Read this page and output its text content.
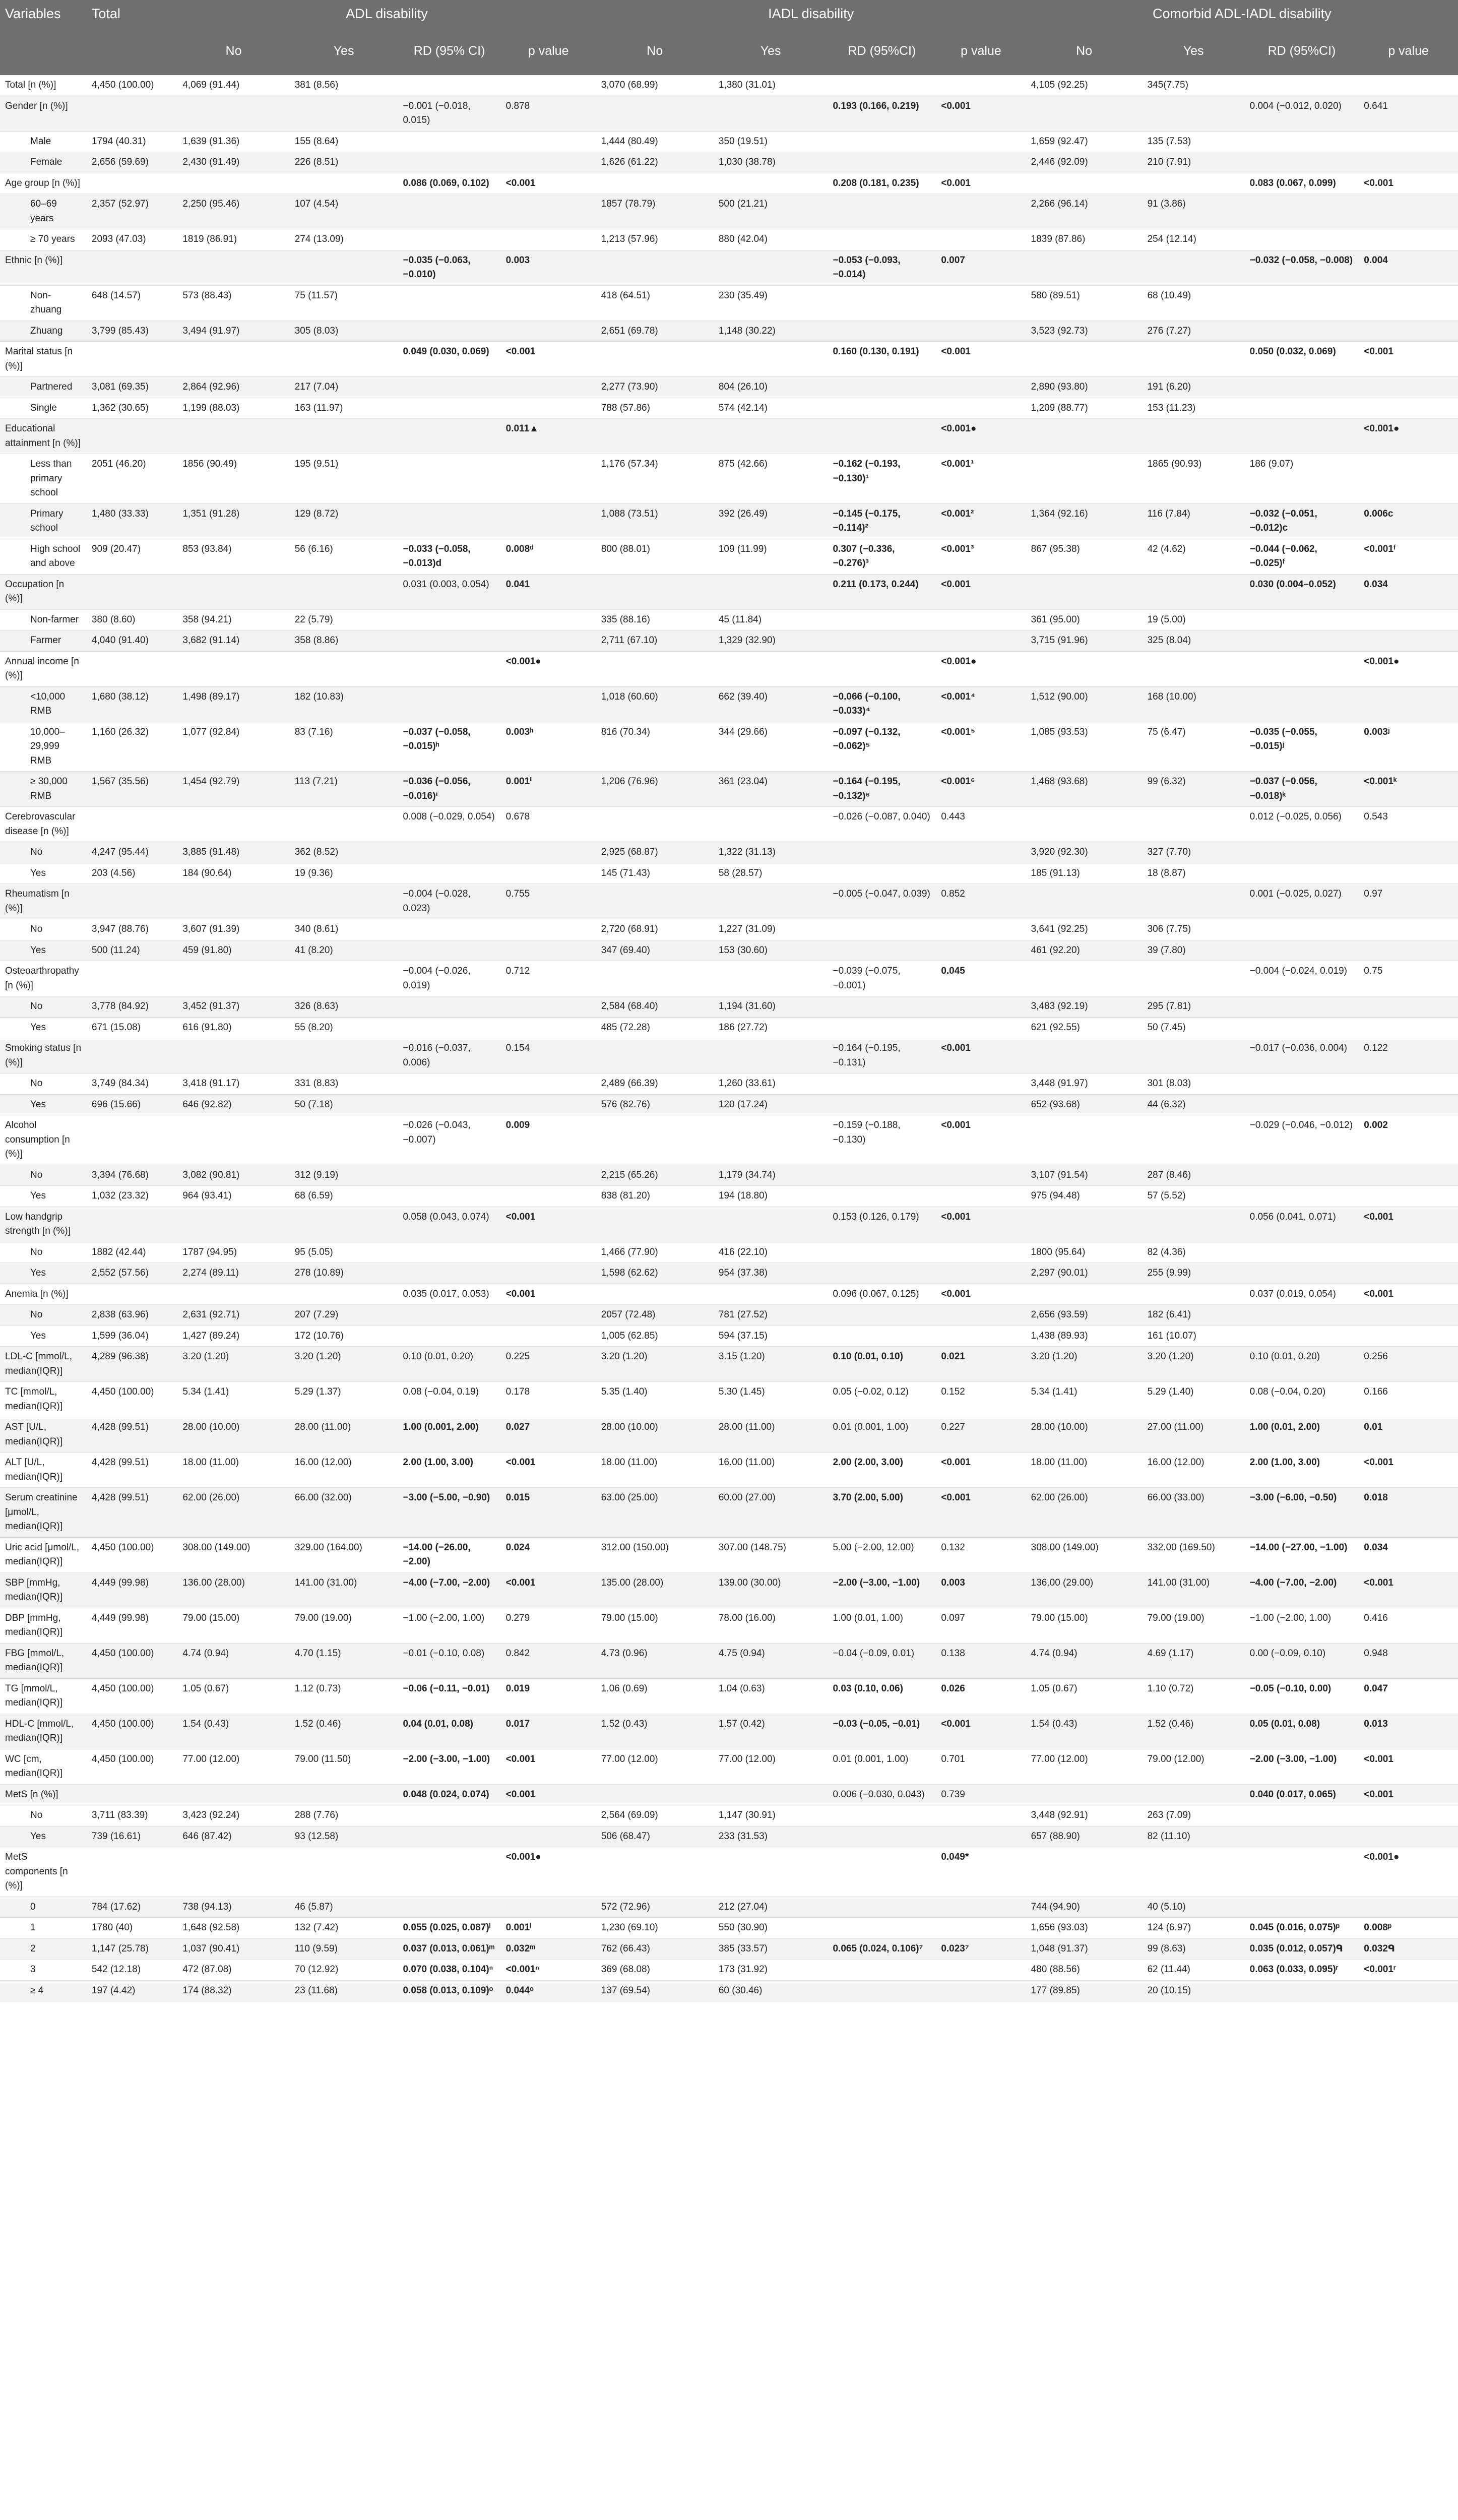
Variables	Total	ADL disability				IADL disability				Comorbid ADL-IADL disability			
		No	Yes	RD (95% CI)	p value	No	Yes	RD (95%CI)	p value	No	Yes	RD (95%CI)	p value
Total [n (%)]	4,450 (100.00)	4,069 (91.44)	381 (8.56)			3,070 (68.99)	1,380 (31.01)			4,105 (92.25)	345(7.75)		
Gender [n (%)]				−0.001 (−0.018, 0.015)	0.878			0.193 (0.166, 0.219)	<0.001			0.004 (−0.012, 0.020)	0.641
Male	1794 (40.31)	1,639 (91.36)	155 (8.64)			1,444 (80.49)	350 (19.51)			1,659 (92.47)	135 (7.53)		
Female	2,656 (59.69)	2,430 (91.49)	226 (8.51)			1,626 (61.22)	1,030 (38.78)			2,446 (92.09)	210 (7.91)		
Age group [n (%)]				0.086 (0.069, 0.102)	<0.001			0.208 (0.181, 0.235)	<0.001			0.083 (0.067, 0.099)	<0.001
60–69 years	2,357 (52.97)	2,250 (95.46)	107 (4.54)			1857 (78.79)	500 (21.21)			2,266 (96.14)	91 (3.86)		
≥ 70 years	2093 (47.03)	1819 (86.91)	274 (13.09)			1,213 (57.96)	880 (42.04)			1839 (87.86)	254 (12.14)		
Ethnic [n (%)]				−0.035 (−0.063, −0.010)	0.003			−0.053 (−0.093, −0.014)	0.007			−0.032 (−0.058, −0.008)	0.004
Non-zhuang	648 (14.57)	573 (88.43)	75 (11.57)			418 (64.51)	230 (35.49)			580 (89.51)	68 (10.49)		
Zhuang	3,799 (85.43)	3,494 (91.97)	305 (8.03)			2,651 (69.78)	1,148 (30.22)			3,523 (92.73)	276 (7.27)		
Marital status [n (%)]				0.049 (0.030, 0.069)	<0.001			0.160 (0.130, 0.191)	<0.001			0.050 (0.032, 0.069)	<0.001
Partnered	3,081 (69.35)	2,864 (92.96)	217 (7.04)			2,277 (73.90)	804 (26.10)			2,890 (93.80)	191 (6.20)		
Single	1,362 (30.65)	1,199 (88.03)	163 (11.97)			788 (57.86)	574 (42.14)			1,209 (88.77)	153 (11.23)		
Educational attainment [n (%)]					0.011▲				<0.001●				<0.001●
Less than primary school	2051 (46.20)	1856 (90.49)	195 (9.51)			1,176 (57.34)	875 (42.66)	−0.162 (−0.193, −0.130)¹	<0.001¹		1865 (90.93)	186 (9.07)	
Primary school	1,480 (33.33)	1,351 (91.28)	129 (8.72)			1,088 (73.51)	392 (26.49)	−0.145 (−0.175, −0.114)²	<0.001²	1,364 (92.16)	116 (7.84)	−0.032 (−0.051, −0.012)c	0.006c
High school and above	909 (20.47)	853 (93.84)	56 (6.16)	−0.033 (−0.058, −0.013)d	0.008ᵈ	800 (88.01)	109 (11.99)	0.307 (−0.336, −0.276)³	<0.001³	867 (95.38)	42 (4.62)	−0.044 (−0.062, −0.025)ᶠ	<0.001ᶠ
Occupation [n (%)]				0.031 (0.003, 0.054)	0.041			0.211 (0.173, 0.244)	<0.001			0.030 (0.004–0.052)	0.034
Non-farmer	380 (8.60)	358 (94.21)	22 (5.79)			335 (88.16)	45 (11.84)			361 (95.00)	19 (5.00)		
Farmer	4,040 (91.40)	3,682 (91.14)	358 (8.86)			2,711 (67.10)	1,329 (32.90)			3,715 (91.96)	325 (8.04)		
Annual income [n (%)]					<0.001●				<0.001●				<0.001●
<10,000 RMB	1,680 (38.12)	1,498 (89.17)	182 (10.83)			1,018 (60.60)	662 (39.40)	−0.066 (−0.100, −0.033)⁴	<0.001⁴	1,512 (90.00)	168 (10.00)		
10,000–29,999 RMB	1,160 (26.32)	1,077 (92.84)	83 (7.16)	−0.037 (−0.058, −0.015)ʰ	0.003ʰ	816 (70.34)	344 (29.66)	−0.097 (−0.132, −0.062)⁵	<0.001⁵	1,085 (93.53)	75 (6.47)	−0.035 (−0.055, −0.015)ʲ	0.003ʲ
≥ 30,000 RMB	1,567 (35.56)	1,454 (92.79)	113 (7.21)	−0.036 (−0.056, −0.016)ⁱ	0.001ⁱ	1,206 (76.96)	361 (23.04)	−0.164 (−0.195, −0.132)⁶	<0.001⁶	1,468 (93.68)	99 (6.32)	−0.037 (−0.056, −0.018)ᵏ	<0.001ᵏ
Cerebrovascular disease [n (%)]				0.008 (−0.029, 0.054)	0.678			−0.026 (−0.087, 0.040)	0.443			0.012 (−0.025, 0.056)	0.543
No	4,247 (95.44)	3,885 (91.48)	362 (8.52)			2,925 (68.87)	1,322 (31.13)			3,920 (92.30)	327 (7.70)		
Yes	203 (4.56)	184 (90.64)	19 (9.36)			145 (71.43)	58 (28.57)			185 (91.13)	18 (8.87)		
Rheumatism [n (%)]				−0.004 (−0.028, 0.023)	0.755			−0.005 (−0.047, 0.039)	0.852			0.001 (−0.025, 0.027)	0.97
No	3,947 (88.76)	3,607 (91.39)	340 (8.61)			2,720 (68.91)	1,227 (31.09)			3,641 (92.25)	306 (7.75)		
Yes	500 (11.24)	459 (91.80)	41 (8.20)			347 (69.40)	153 (30.60)			461 (92.20)	39 (7.80)		
Osteoarthropathy [n (%)]				−0.004 (−0.026, 0.019)	0.712			−0.039 (−0.075, −0.001)	0.045			−0.004 (−0.024, 0.019)	0.75
No	3,778 (84.92)	3,452 (91.37)	326 (8.63)			2,584 (68.40)	1,194 (31.60)			3,483 (92.19)	295 (7.81)		
Yes	671 (15.08)	616 (91.80)	55 (8.20)			485 (72.28)	186 (27.72)			621 (92.55)	50 (7.45)		
Smoking status [n (%)]				−0.016 (−0.037, 0.006)	0.154			−0.164 (−0.195, −0.131)	<0.001			−0.017 (−0.036, 0.004)	0.122
No	3,749 (84.34)	3,418 (91.17)	331 (8.83)			2,489 (66.39)	1,260 (33.61)			3,448 (91.97)	301 (8.03)		
Yes	696 (15.66)	646 (92.82)	50 (7.18)			576 (82.76)	120 (17.24)			652 (93.68)	44 (6.32)		
Alcohol consumption [n (%)]				−0.026 (−0.043, −0.007)	0.009			−0.159 (−0.188, −0.130)	<0.001			−0.029 (−0.046, −0.012)	0.002
No	3,394 (76.68)	3,082 (90.81)	312 (9.19)			2,215 (65.26)	1,179 (34.74)			3,107 (91.54)	287 (8.46)		
Yes	1,032 (23.32)	964 (93.41)	68 (6.59)			838 (81.20)	194 (18.80)			975 (94.48)	57 (5.52)		
Low handgrip strength [n (%)]				0.058 (0.043, 0.074)	<0.001			0.153 (0.126, 0.179)	<0.001			0.056 (0.041, 0.071)	<0.001
No	1882 (42.44)	1787 (94.95)	95 (5.05)			1,466 (77.90)	416 (22.10)			1800 (95.64)	82 (4.36)		
Yes	2,552 (57.56)	2,274 (89.11)	278 (10.89)			1,598 (62.62)	954 (37.38)			2,297 (90.01)	255 (9.99)		
Anemia [n (%)]				0.035 (0.017, 0.053)	<0.001			0.096 (0.067, 0.125)	<0.001			0.037 (0.019, 0.054)	<0.001
No	2,838 (63.96)	2,631 (92.71)	207 (7.29)			2057 (72.48)	781 (27.52)			2,656 (93.59)	182 (6.41)		
Yes	1,599 (36.04)	1,427 (89.24)	172 (10.76)			1,005 (62.85)	594 (37.15)			1,438 (89.93)	161 (10.07)		
LDL-C [mmol/L, median(IQR)]	4,289 (96.38)	3.20 (1.20)	3.20 (1.20)	0.10 (0.01, 0.20)	0.225	3.20 (1.20)	3.15 (1.20)	0.10 (0.01, 0.10)	0.021	3.20 (1.20)	3.20 (1.20)	0.10 (0.01, 0.20)	0.256
TC [mmol/L, median(IQR)]	4,450 (100.00)	5.34 (1.41)	5.29 (1.37)	0.08 (−0.04, 0.19)	0.178	5.35 (1.40)	5.30 (1.45)	0.05 (−0.02, 0.12)	0.152	5.34 (1.41)	5.29 (1.40)	0.08 (−0.04, 0.20)	0.166
AST [U/L, median(IQR)]	4,428 (99.51)	28.00 (10.00)	28.00 (11.00)	1.00 (0.001, 2.00)	0.027	28.00 (10.00)	28.00 (11.00)	0.01 (0.001, 1.00)	0.227	28.00 (10.00)	27.00 (11.00)	1.00 (0.01, 2.00)	0.01
ALT [U/L, median(IQR)]	4,428 (99.51)	18.00 (11.00)	16.00 (12.00)	2.00 (1.00, 3.00)	<0.001	18.00 (11.00)	16.00 (11.00)	2.00 (2.00, 3.00)	<0.001	18.00 (11.00)	16.00 (12.00)	2.00 (1.00, 3.00)	<0.001
Serum creatinine [μmol/L, median(IQR)]	4,428 (99.51)	62.00 (26.00)	66.00 (32.00)	−3.00 (−5.00, −0.90)	0.015	63.00 (25.00)	60.00 (27.00)	3.70 (2.00, 5.00)	<0.001	62.00 (26.00)	66.00 (33.00)	−3.00 (−6.00, −0.50)	0.018
Uric acid [μmol/L, median(IQR)]	4,450 (100.00)	308.00 (149.00)	329.00 (164.00)	−14.00 (−26.00, −2.00)	0.024	312.00 (150.00)	307.00 (148.75)	5.00 (−2.00, 12.00)	0.132	308.00 (149.00)	332.00 (169.50)	−14.00 (−27.00, −1.00)	0.034
SBP [mmHg, median(IQR)]	4,449 (99.98)	136.00 (28.00)	141.00 (31.00)	−4.00 (−7.00, −2.00)	<0.001	135.00 (28.00)	139.00 (30.00)	−2.00 (−3.00, −1.00)	0.003	136.00 (29.00)	141.00 (31.00)	−4.00 (−7.00, −2.00)	<0.001
DBP [mmHg, median(IQR)]	4,449 (99.98)	79.00 (15.00)	79.00 (19.00)	−1.00 (−2.00, 1.00)	0.279	79.00 (15.00)	78.00 (16.00)	1.00 (0.01, 1.00)	0.097	79.00 (15.00)	79.00 (19.00)	−1.00 (−2.00, 1.00)	0.416
FBG [mmol/L, median(IQR)]	4,450 (100.00)	4.74 (0.94)	4.70 (1.15)	−0.01 (−0.10, 0.08)	0.842	4.73 (0.96)	4.75 (0.94)	−0.04 (−0.09, 0.01)	0.138	4.74 (0.94)	4.69 (1.17)	0.00 (−0.09, 0.10)	0.948
TG [mmol/L, median(IQR)]	4,450 (100.00)	1.05 (0.67)	1.12 (0.73)	−0.06 (−0.11, −0.01)	0.019	1.06 (0.69)	1.04 (0.63)	0.03 (0.10, 0.06)	0.026	1.05 (0.67)	1.10 (0.72)	−0.05 (−0.10, 0.00)	0.047
HDL-C [mmol/L, median(IQR)]	4,450 (100.00)	1.54 (0.43)	1.52 (0.46)	0.04 (0.01, 0.08)	0.017	1.52 (0.43)	1.57 (0.42)	−0.03 (−0.05, −0.01)	<0.001	1.54 (0.43)	1.52 (0.46)	0.05 (0.01, 0.08)	0.013
WC [cm, median(IQR)]	4,450 (100.00)	77.00 (12.00)	79.00 (11.50)	−2.00 (−3.00, −1.00)	<0.001	77.00 (12.00)	77.00 (12.00)	0.01 (0.001, 1.00)	0.701	77.00 (12.00)	79.00 (12.00)	−2.00 (−3.00, −1.00)	<0.001
MetS [n (%)]				0.048 (0.024, 0.074)	<0.001			0.006 (−0.030, 0.043)	0.739			0.040 (0.017, 0.065)	<0.001
No	3,711 (83.39)	3,423 (92.24)	288 (7.76)			2,564 (69.09)	1,147 (30.91)			3,448 (92.91)	263 (7.09)		
Yes	739 (16.61)	646 (87.42)	93 (12.58)			506 (68.47)	233 (31.53)			657 (88.90)	82 (11.10)		
MetS components [n (%)]					<0.001●				0.049*				<0.001●
0	784 (17.62)	738 (94.13)	46 (5.87)			572 (72.96)	212 (27.04)			744 (94.90)	40 (5.10)		
1	1780 (40)	1,648 (92.58)	132 (7.42)	0.055 (0.025, 0.087)ˡ	0.001ˡ	1,230 (69.10)	550 (30.90)			1,656 (93.03)	124 (6.97)	0.045 (0.016, 0.075)ᵖ	0.008ᵖ
2	1,147 (25.78)	1,037 (90.41)	110 (9.59)	0.037 (0.013, 0.061)ᵐ	0.032ᵐ	762 (66.43)	385 (33.57)	0.065 (0.024, 0.106)⁷	0.023⁷	1,048 (91.37)	99 (8.63)	0.035 (0.012, 0.057)ᑫ	0.032ᑫ
3	542 (12.18)	472 (87.08)	70 (12.92)	0.070 (0.038, 0.104)ⁿ	<0.001ⁿ	369 (68.08)	173 (31.92)			480 (88.56)	62 (11.44)	0.063 (0.033, 0.095)ʳ	<0.001ʳ
≥ 4	197 (4.42)	174 (88.32)	23 (11.68)	0.058 (0.013, 0.109)ᵒ	0.044ᵒ	137 (69.54)	60 (30.46)			177 (89.85)	20 (10.15)		
